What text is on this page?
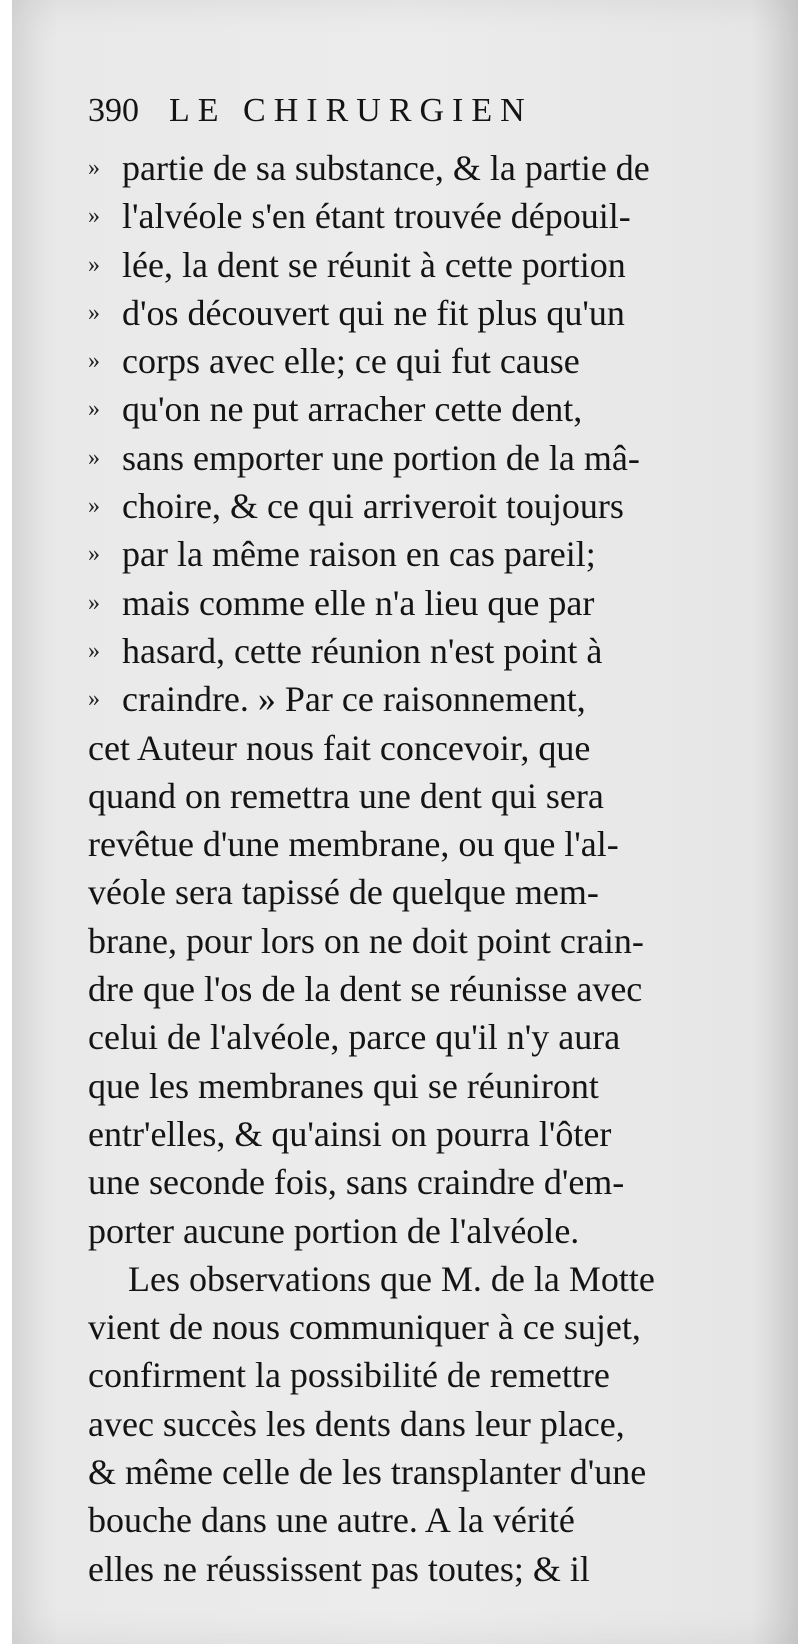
390 LE CHIRURGIEN
» partie de sa substance, & la partie de
» l'alvéole s'en étant trouvée dépouil-
» lée, la dent se réunit à cette portion
» d'os découvert qui ne fit plus qu'un
» corps avec elle; ce qui fut cause
» qu'on ne put arracher cette dent,
» sans emporter une portion de la mâ-
» choire, & ce qui arriveroit toujours
» par la même raison en cas pareil;
» mais comme elle n'a lieu que par
» hasard, cette réunion n'est point à
» craindre. » Par ce raisonnement,
cet Auteur nous fait concevoir, que
quand on remettra une dent qui sera
revêtue d'une membrane, ou que l'al-
véole sera tapissé de quelque mem-
brane, pour lors on ne doit point crain-
dre que l'os de la dent se réunisse avec
celui de l'alvéole, parce qu'il n'y aura
que les membranes qui se réuniront
entr'elles, & qu'ainsi on pourra l'ôter
une seconde fois, sans craindre d'em-
porter aucune portion de l'alvéole.
Les observations que M. de la Motte
vient de nous communiquer à ce sujet,
confirment la possibilité de remettre
avec succès les dents dans leur place,
& même celle de les transplanter d'une
bouche dans une autre. A la vérité
elles ne réussissent pas toutes; & il
